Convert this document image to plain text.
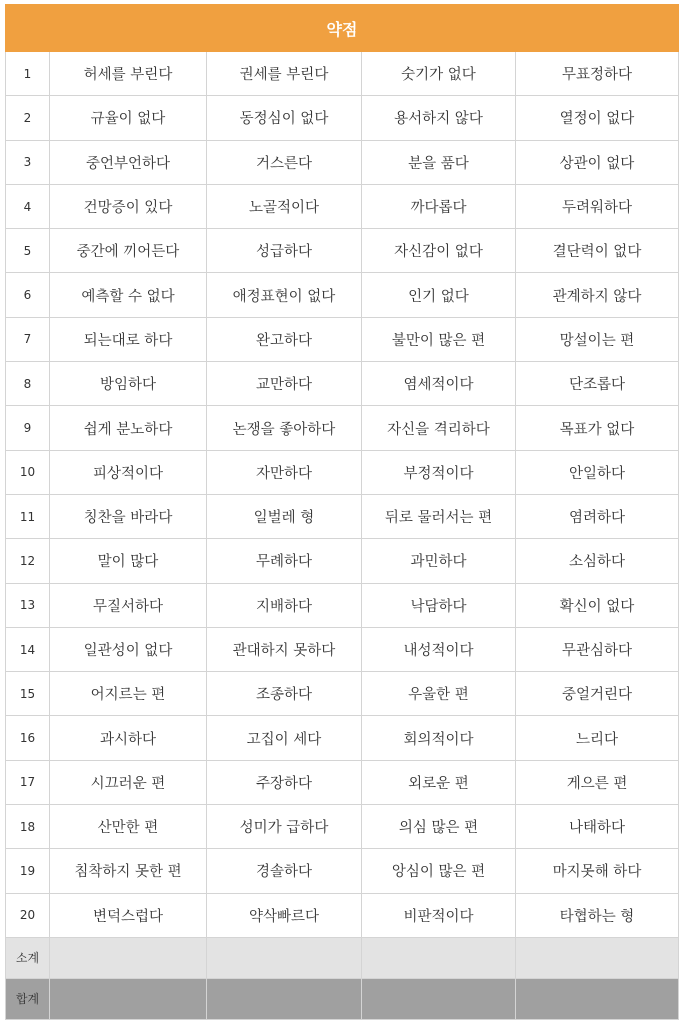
약점				
1	허세를 부린다	권세를 부린다	숫기가 없다	무표정하다
2	규율이 없다	동정심이 없다	용서하지 않다	열정이 없다
3	중언부언하다	거스른다	분을 품다	상관이 없다
4	건망증이 있다	노골적이다	까다롭다	두려워하다
5	중간에 끼어든다	성급하다	자신감이 없다	결단력이 없다
6	예측할 수 없다	애정표현이 없다	인기 없다	관계하지 않다
7	되는대로 하다	완고하다	불만이 많은 편	망설이는 편
8	방임하다	교만하다	염세적이다	단조롭다
9	쉽게 분노하다	논쟁을 좋아하다	자신을 격리하다	목표가 없다
10	피상적이다	자만하다	부정적이다	안일하다
11	칭찬을 바라다	일벌레 형	뒤로 물러서는 편	염려하다
12	말이 많다	무례하다	과민하다	소심하다
13	무질서하다	지배하다	낙담하다	확신이 없다
14	일관성이 없다	관대하지 못하다	내성적이다	무관심하다
15	어지르는 편	조종하다	우울한 편	중얼거린다
16	과시하다	고집이 세다	회의적이다	느리다
17	시끄러운 편	주장하다	외로운 편	게으른 편
18	산만한 편	성미가 급하다	의심 많은 편	나태하다
19	침착하지 못한 편	경솔하다	앙심이 많은 편	마지못해 하다
20	변덕스럽다	약삭빠르다	비판적이다	타협하는 형
소계				
합계				
